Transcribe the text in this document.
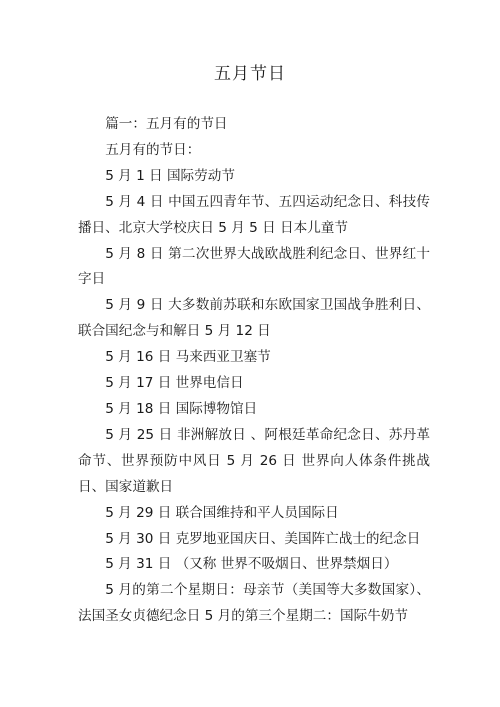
五月节日

篇一：五月有的节日

五月有的节日：

5 月 1 日 国际劳动节

5 月 4 日 中国五四青年节、五四运动纪念日、科技传播日、北京大学校庆日 5 月 5 日 日本儿童节

5 月 8 日 第二次世界大战欧战胜利纪念日、世界红十字日

5 月 9 日 大多数前苏联和东欧国家卫国战争胜利日、联合国纪念与和解日 5 月 12 日

5 月 16 日 马来西亚卫塞节

5 月 17 日 世界电信日

5 月 18 日 国际博物馆日

5 月 25 日 非洲解放日 、阿根廷革命纪念日、苏丹革命节、世界预防中风日 5 月 26 日 世界向人体条件挑战日、国家道歉日

5 月 29 日 联合国维持和平人员国际日

5 月 30 日 克罗地亚国庆日、美国阵亡战士的纪念日

5 月 31 日 （又称 世界不吸烟日、世界禁烟日）

5 月的第二个星期日：母亲节（美国等大多数国家）、法国圣女贞德纪念日 5 月的第三个星期二：国际牛奶节
